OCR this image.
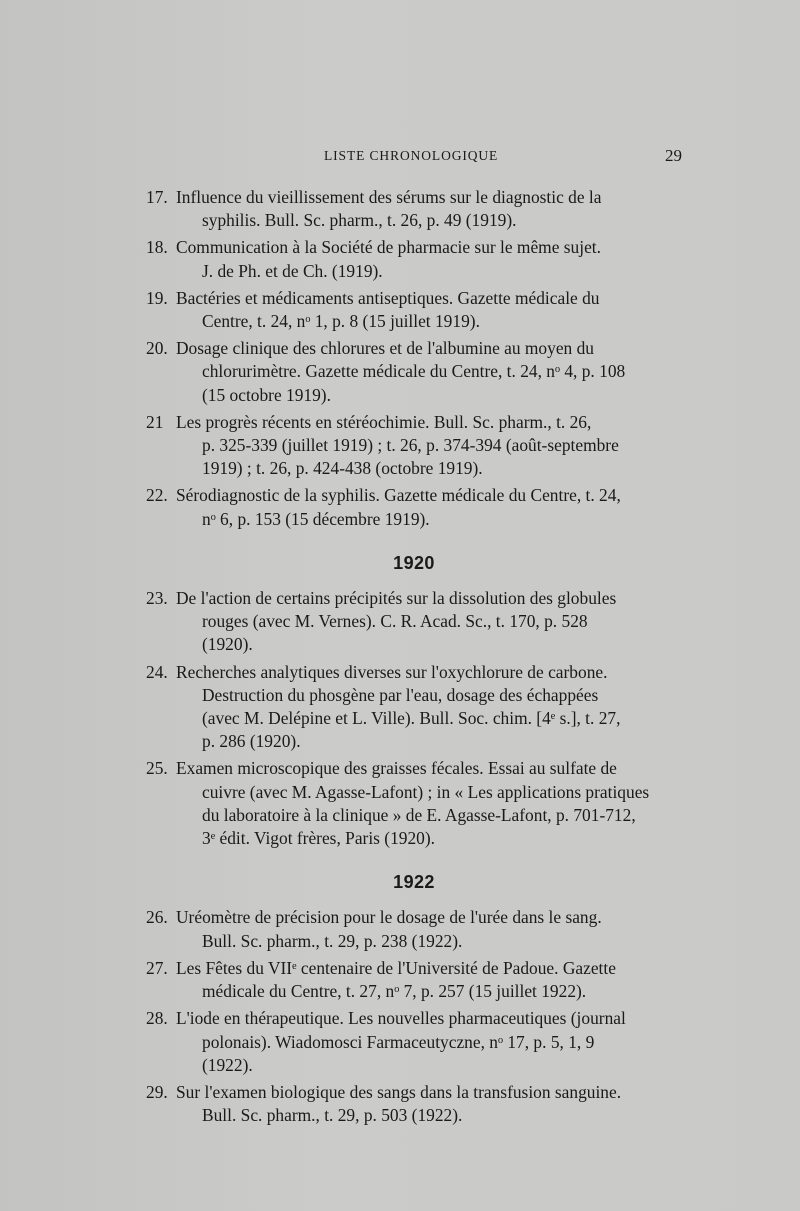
LISTE CHRONOLOGIQUE	29
17. Influence du vieillissement des sérums sur le diagnostic de la

syphilis. Bull. Sc. pharm., t. 26, p. 49 (1919).
18. Communication à la Société de pharmacie sur le même sujet.

J. de Ph. et de Ch. (1919).
19. Bactéries et médicaments antiseptiques. Gazette médicale du

Centre, t. 24, nᵒ 1, p. 8 (15 juillet 1919).
20. Dosage clinique des chlorures et de l'albumine au moyen du

chlorurimètre. Gazette médicale du Centre, t. 24, nᵒ 4, p. 108
(15 octobre 1919).
21 Les progrès récents en stéréochimie. Bull. Sc. pharm., t. 26,

p. 325-339 (juillet 1919) ; t. 26, p. 374-394 (août-septembre
1919) ; t. 26, p. 424-438 (octobre 1919).
22. Sérodiagnostic de la syphilis. Gazette médicale du Centre, t. 24,

nᵒ 6, p. 153 (15 décembre 1919).
1920
23. De l'action de certains précipités sur la dissolution des globules

rouges (avec M. Vernes). C. R. Acad. Sc., t. 170, p. 528
(1920).
24. Recherches analytiques diverses sur l'oxychlorure de carbone.

Destruction du phosgène par l'eau, dosage des échappées
(avec M. Delépine et L. Ville). Bull. Soc. chim. [4ᵉ s.], t. 27,
p. 286 (1920).
25. Examen microscopique des graisses fécales. Essai au sulfate de

cuivre (avec M. Agasse-Lafont) ; in « Les applications pratiques
du laboratoire à la clinique » de E. Agasse-Lafont, p. 701-712,
3ᵉ édit. Vigot frères, Paris (1920).
1922
26. Uréomètre de précision pour le dosage de l'urée dans le sang.

Bull. Sc. pharm., t. 29, p. 238 (1922).
27. Les Fêtes du VIIᵉ centenaire de l'Université de Padoue. Gazette

médicale du Centre, t. 27, nᵒ 7, p. 257 (15 juillet 1922).
28. L'iode en thérapeutique. Les nouvelles pharmaceutiques (journal

polonais). Wiadomosci Farmaceutyczne, nᵒ 17, p. 5, 1, 9
(1922).
29. Sur l'examen biologique des sangs dans la transfusion sanguine.

Bull. Sc. pharm., t. 29, p. 503 (1922).
